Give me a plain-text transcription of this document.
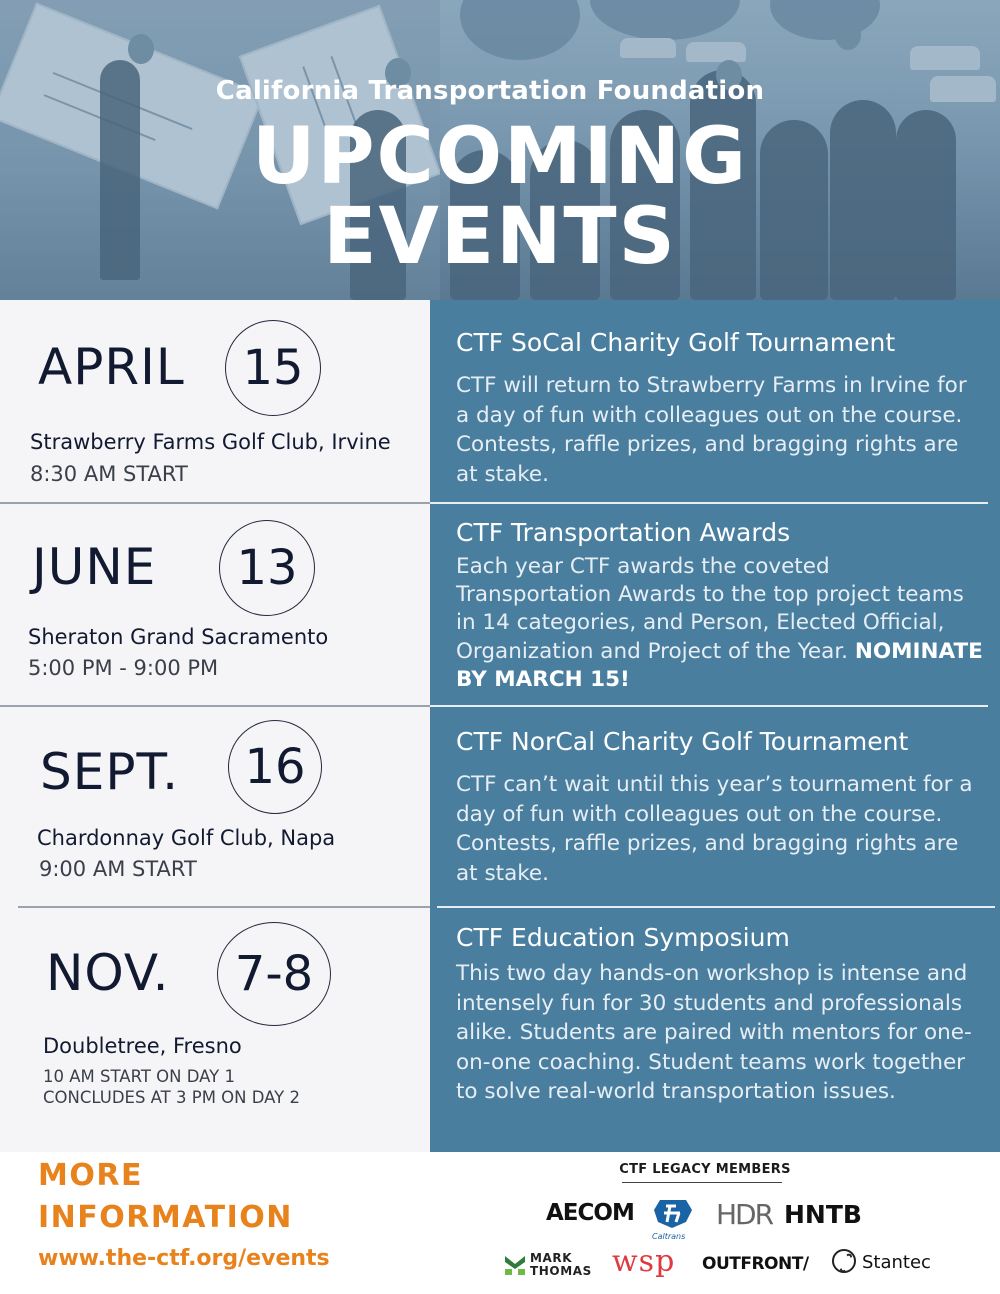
California Transportation Foundation
UPCOMING
EVENTS
APRIL	15
Strawberry Farms Golf Club, Irvine
8:30 AM START
CTF SoCal Charity Golf Tournament
CTF will return to Strawberry Farms in Irvine for a day of fun with colleagues out on the course. Contests, raffle prizes, and bragging rights are at stake.
JUNE	13
Sheraton Grand Sacramento
5:00 PM - 9:00 PM
CTF Transportation Awards
Each year CTF awards the coveted Transportation Awards to the top project teams in 14 categories, and Person, Elected Official, Organization and Project of the Year. NOMINATE BY MARCH 15!
SEPT.	16
Chardonnay Golf Club, Napa
9:00 AM START
CTF NorCal Charity Golf Tournament
CTF can’t wait until this year’s tournament for a day of fun with colleagues out on the course. Contests, raffle prizes, and bragging rights are at stake.
NOV.	7-8
Doubletree, Fresno
10 AM START ON DAY 1
CONCLUDES AT 3 PM ON DAY 2
CTF Education Symposium
This two day hands-on workshop is intense and intensely fun for 30 students and professionals alike. Students are paired with mentors for one-on-one coaching. Student teams work together to solve real-world transportation issues.
MORE
INFORMATION
www.the-ctf.org/events
CTF LEGACY MEMBERS
AECOM
Caltrans
HDR HNTB
MARK
THOMAS wsp OUTFRONT/	Stantec
